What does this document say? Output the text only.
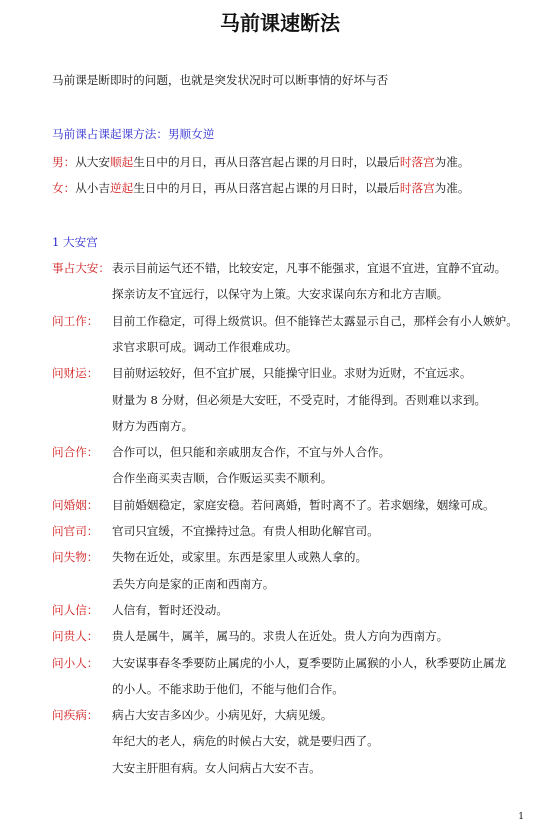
马前课速断法
马前课是断即时的问题，也就是突发状况时可以断事情的好坏与否
马前课占课起课方法：男顺女逆
男：从大安顺起生日中的月日，再从日落宫起占课的月日时，以最后时落宫为准。
女：从小吉逆起生日中的月日，再从日落宫起占课的月日时，以最后时落宫为准。
1 大安宫
事占大安： 表示目前运气还不错，比较安定，凡事不能强求，宜退不宜进，宜静不宜动。
探亲访友不宜远行，以保守为上策。大安求谋向东方和北方吉顺。
问工作： 目前工作稳定，可得上级赏识。但不能锋芒太露显示自己，那样会有小人嫉妒。
求官求职可成。调动工作很难成功。
问财运： 目前财运较好，但不宜扩展，只能操守旧业。求财为近财，不宜远求。
财量为 8 分财，但必须是大安旺，不受克时，才能得到。否则难以求到。
财方为西南方。
问合作： 合作可以，但只能和亲戚朋友合作，不宜与外人合作。
合作坐商买卖吉顺，合作贩运买卖不顺利。
问婚姻： 目前婚姻稳定，家庭安稳。若问离婚，暂时离不了。若求姻缘，姻缘可成。
问官司： 官司只宜缓，不宜操持过急。有贵人相助化解官司。
问失物： 失物在近处，或家里。东西是家里人或熟人拿的。
丢失方向是家的正南和西南方。
问人信： 人信有，暂时还没动。
问贵人： 贵人是属牛，属羊，属马的。求贵人在近处。贵人方向为西南方。
问小人： 大安谋事春冬季要防止属虎的小人，夏季要防止属猴的小人，秋季要防止属龙
的小人。不能求助于他们，不能与他们合作。
问疾病： 病占大安吉多凶少。小病见好，大病见缓。
年纪大的老人，病危的时候占大安，就是要归西了。
大安主肝胆有病。女人问病占大安不吉。
1
